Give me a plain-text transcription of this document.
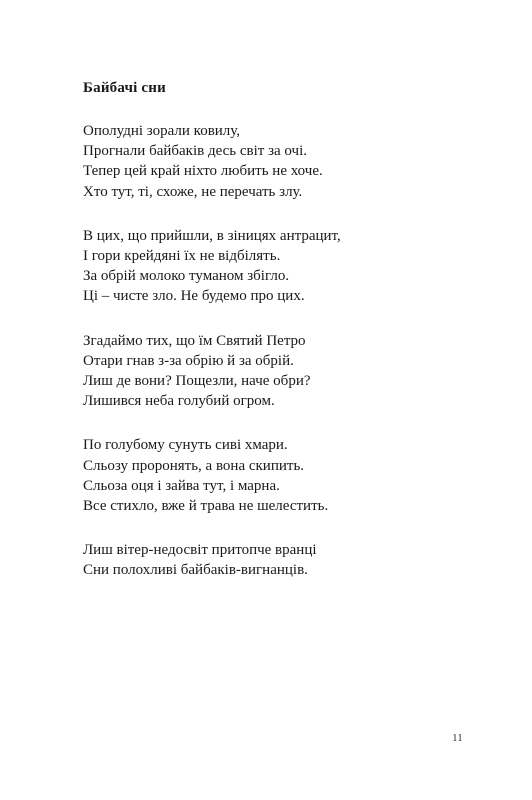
Байбачі сни
Ополудні зорали ковилу,
Прогнали байбаків десь світ за очі.
Тепер цей край ніхто любить не хоче.
Хто тут, ті, схоже, не перечать злу.
В цих, що прийшли, в зіницях антрацит,
І гори крейдяні їх не відбілять.
За обрій молоко туманом збігло.
Ці – чисте зло. Не будемо про цих.
Згадаймо тих, що їм Святий Петро
Отари гнав з-за обрію й за обрій.
Лиш де вони? Пощезли, наче обри?
Лишився неба голубий огром.
По голубому сунуть сиві хмари.
Сльозу проронять, а вона скипить.
Сльоза оця і зайва тут, і марна.
Все стихло, вже й трава не шелестить.
Лиш вітер-недосвіт притопче вранці
Сни полохливі байбаків-вигнанців.
11
